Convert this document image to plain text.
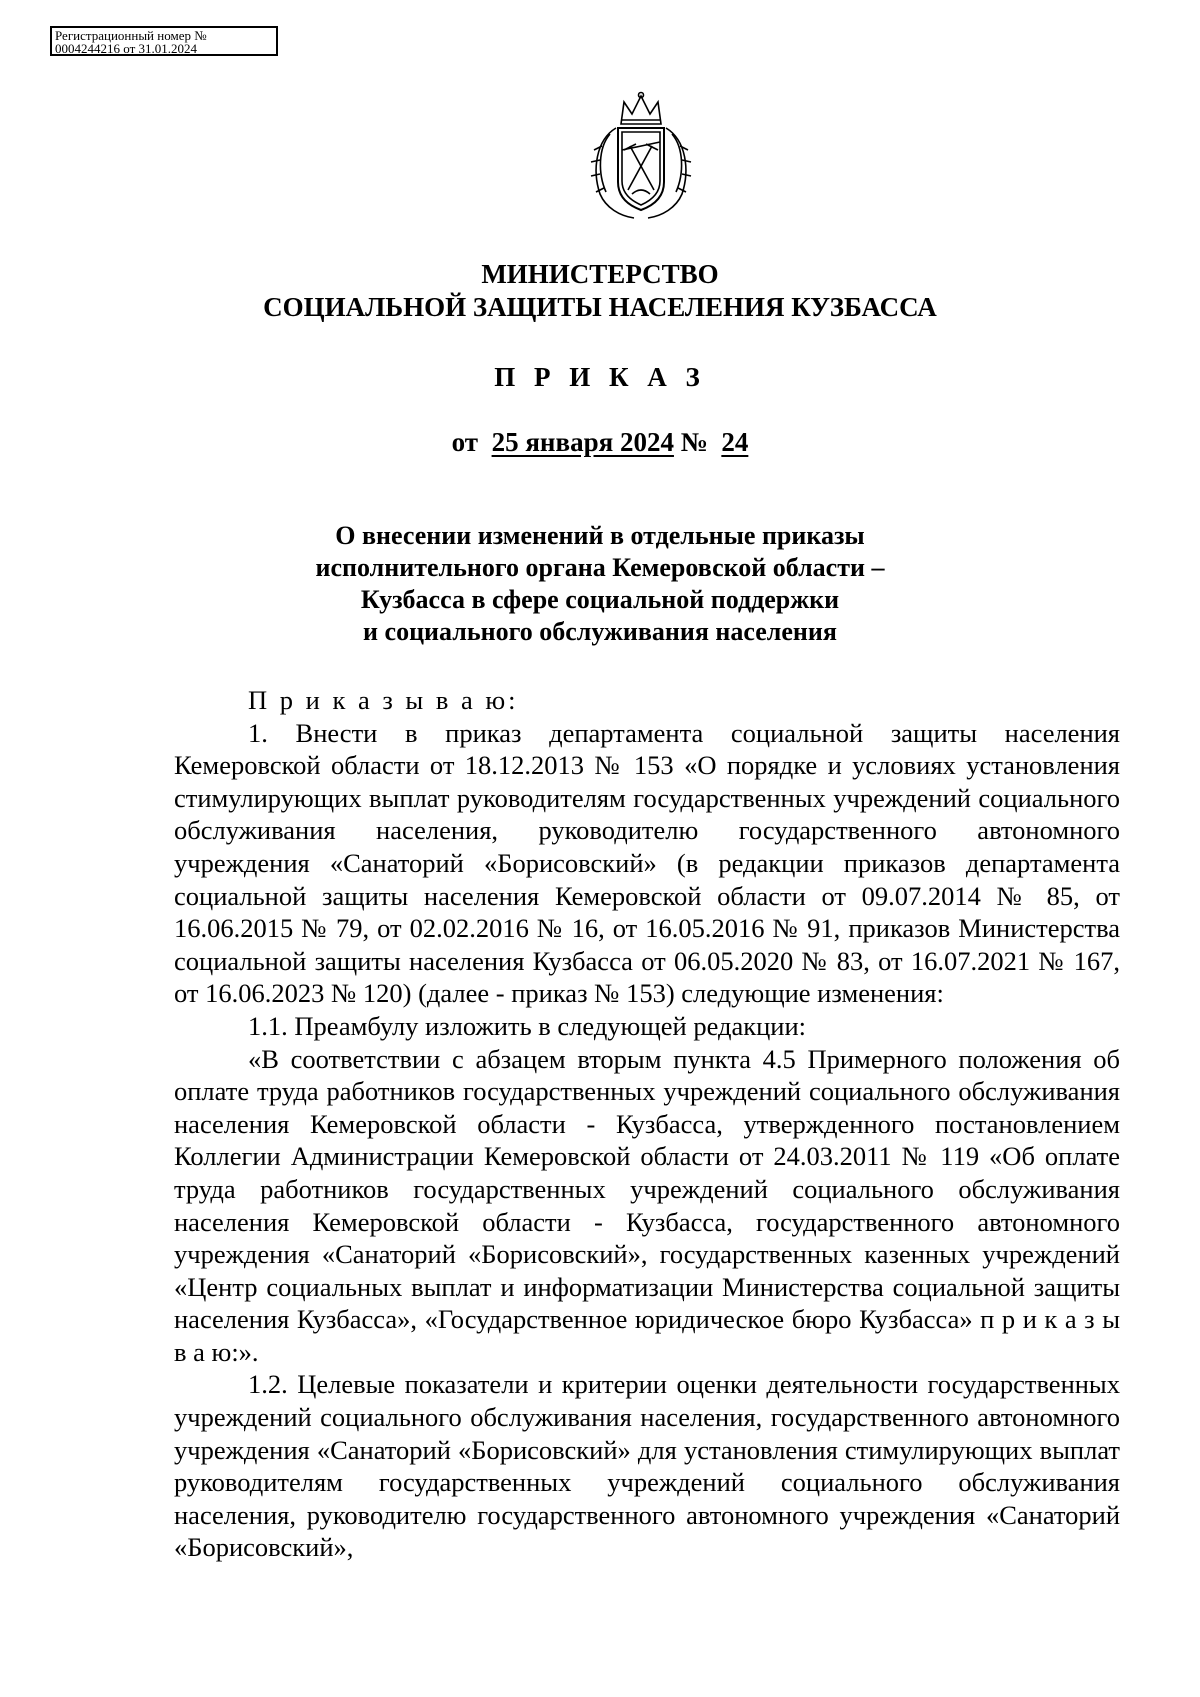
Регистрационный номер №
0004244216 от 31.01.2024
МИНИСТЕРСТВО
СОЦИАЛЬНОЙ ЗАЩИТЫ НАСЕЛЕНИЯ КУЗБАССА
П Р И К А З
от 25 января 2024 № 24
О внесении изменений в отдельные приказы
исполнительного органа Кемеровской области –
Кузбасса в сфере социальной поддержки
и социального обслуживания населения

П р и к а з ы в а ю:

1. Внести в приказ департамента социальной защиты населения Кемеровской области от 18.12.2013 № 153 «О порядке и условиях установления стимулирующих выплат руководителям государственных учреждений социального обслуживания населения, руководителю государственного автономного учреждения «Санаторий «Борисовский» (в редакции приказов департамента социальной защиты населения Кемеровской области от 09.07.2014 № 85, от 16.06.2015 № 79, от 02.02.2016 № 16, от 16.05.2016 № 91, приказов Министерства социальной защиты населения Кузбасса от 06.05.2020 № 83, от 16.07.2021 № 167, от 16.06.2023 № 120) (далее - приказ № 153) следующие изменения:

1.1. Преамбулу изложить в следующей редакции:

«В соответствии с абзацем вторым пункта 4.5 Примерного положения об оплате труда работников государственных учреждений социального обслуживания населения Кемеровской области - Кузбасса, утвержденного постановлением Коллегии Администрации Кемеровской области от 24.03.2011 № 119 «Об оплате труда работников государственных учреждений социального обслуживания населения Кемеровской области - Кузбасса, государственного автономного учреждения «Санаторий «Борисовский», государственных казенных учреждений «Центр социальных выплат и информатизации Министерства социальной защиты населения Кузбасса», «Государственное юридическое бюро Кузбасса» п р и к а з ы в а ю:».

1.2. Целевые показатели и критерии оценки деятельности государственных учреждений социального обслуживания населения, государственного автономного учреждения «Санаторий «Борисовский» для установления стимулирующих выплат руководителям государственных учреждений социального обслуживания населения, руководителю государственного автономного учреждения «Санаторий «Борисовский»,
